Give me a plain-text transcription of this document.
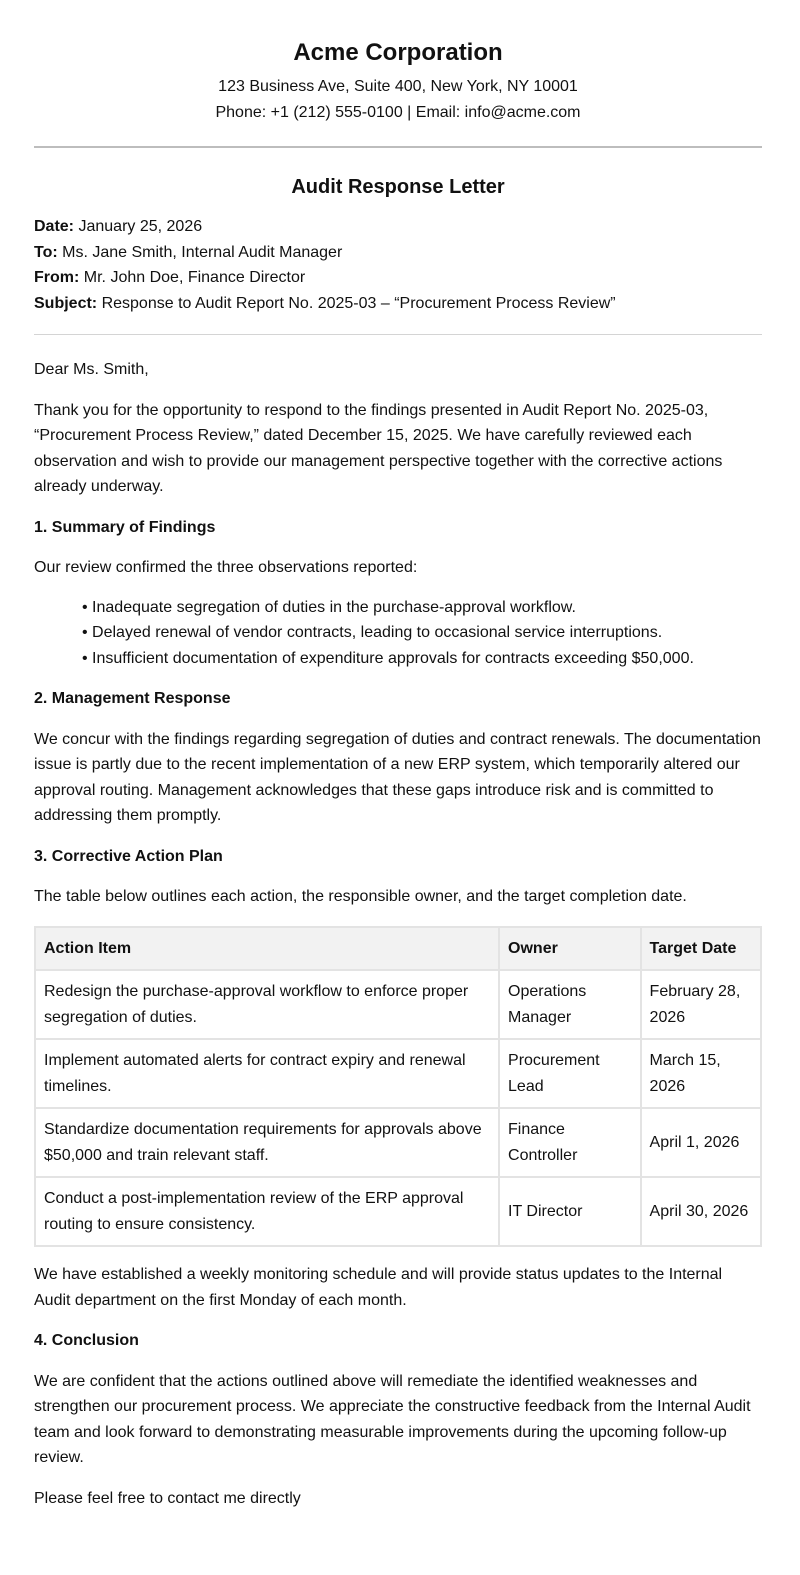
Acme Corporation

123 Business Ave, Suite 400, New York, NY 10001

Phone: +1 (212) 555-0100 | Email: info@acme.com

Audit Response Letter
Date: January 25, 2026
To: Ms. Jane Smith, Internal Audit Manager
From: Mr. John Doe, Finance Director
Subject: Response to Audit Report No. 2025-03 – “Procurement Process Review”

Dear Ms. Smith,

Thank you for the opportunity to respond to the findings presented in Audit Report No. 2025-03, “Procurement Process Review,” dated December 15, 2025. We have carefully reviewed each observation and wish to provide our management perspective together with the corrective actions already underway.

1. Summary of Findings

Our review confirmed the three observations reported:

• Inadequate segregation of duties in the purchase-approval workflow.
• Delayed renewal of vendor contracts, leading to occasional service interruptions.
• Insufficient documentation of expenditure approvals for contracts exceeding $50,000.
2. Management Response

We concur with the findings regarding segregation of duties and contract renewals. The documentation issue is partly due to the recent implementation of a new ERP system, which temporarily altered our approval routing. Management acknowledges that these gaps introduce risk and is committed to addressing them promptly.

3. Corrective Action Plan

The table below outlines each action, the responsible owner, and the target completion date.

Action Item	Owner	Target Date
Redesign the purchase-approval workflow to enforce proper segregation of duties.	Operations Manager	February 28, 2026
Implement automated alerts for contract expiry and renewal timelines.	Procurement Lead	March 15, 2026
Standardize documentation requirements for approvals above $50,000 and train relevant staff.	Finance Controller	April 1, 2026
Conduct a post-implementation review of the ERP approval routing to ensure consistency.	IT Director	April 30, 2026

We have established a weekly monitoring schedule and will provide status updates to the Internal Audit department on the first Monday of each month.

4. Conclusion

We are confident that the actions outlined above will remediate the identified weaknesses and strengthen our procurement process. We appreciate the constructive feedback from the Internal Audit team and look forward to demonstrating measurable improvements during the upcoming follow-up review.

Please feel free to contact me directly
